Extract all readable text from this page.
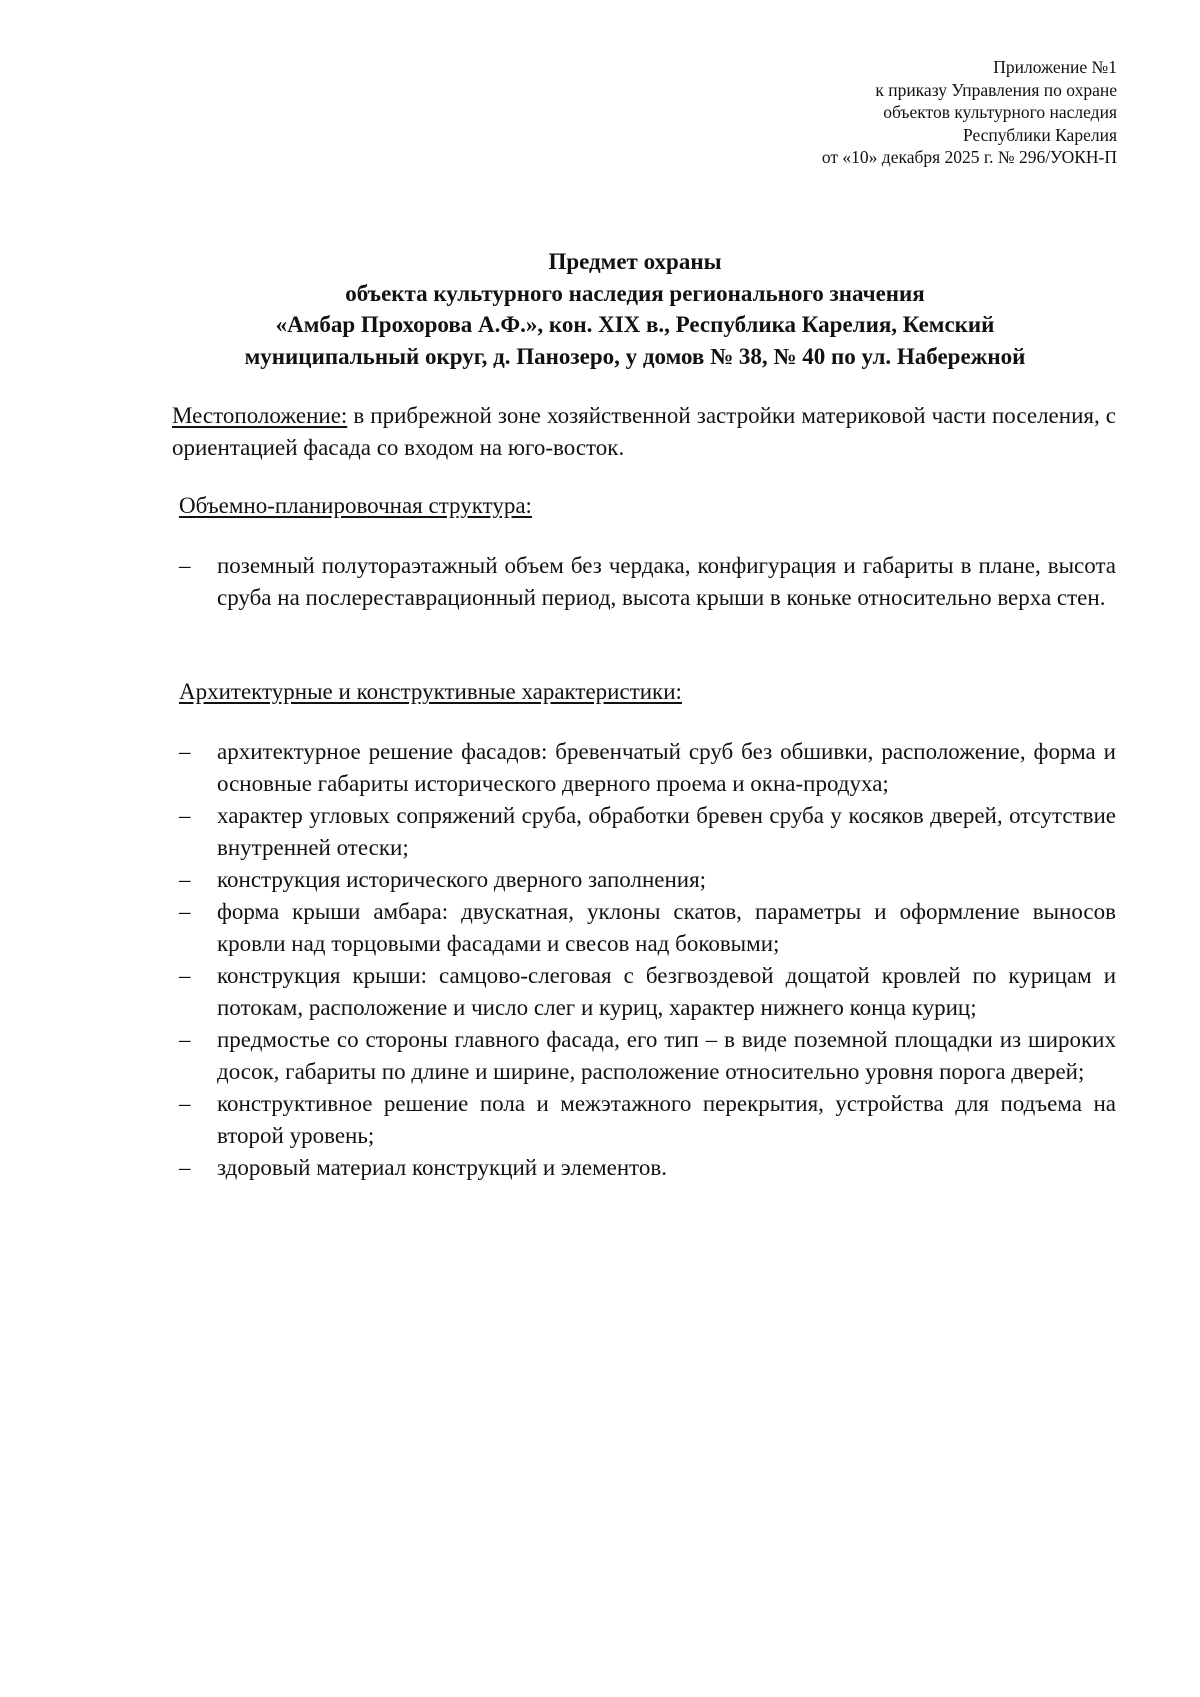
Приложение №1
к приказу Управления по охране
объектов культурного наследия
Республики Карелия
от «10» декабря 2025 г. № 296/УОКН-П
Предмет охраны
объекта культурного наследия регионального значения
«Амбар Прохорова А.Ф.», кон. XIX в., Республика Карелия, Кемский
муниципальный округ, д. Панозеро, у домов № 38, № 40 по ул. Набережной
Местоположение: в прибрежной зоне хозяйственной застройки материковой части поселения, с ориентацией фасада со входом на юго-восток.
Объемно-планировочная структура:
– поземный полутораэтажный объем без чердака, конфигурация и габариты в плане, высота сруба на послереставрационный период, высота крыши в коньке относительно верха стен.
Архитектурные и конструктивные характеристики:
– архитектурное решение фасадов: бревенчатый сруб без обшивки, расположение, форма и основные габариты исторического дверного проема и окна-продуха;
– характер угловых сопряжений сруба, обработки бревен сруба у косяков дверей, отсутствие внутренней отески;
– конструкция исторического дверного заполнения;
– форма крыши амбара: двускатная, уклоны скатов, параметры и оформление выносов кровли над торцовыми фасадами и свесов над боковыми;
– конструкция крыши: самцово-слеговая с безгвоздевой дощатой кровлей по курицам и потокам, расположение и число слег и куриц, характер нижнего конца куриц;
– предмостье со стороны главного фасада, его тип – в виде поземной площадки из широких досок, габариты по длине и ширине, расположение относительно уровня порога дверей;
– конструктивное решение пола и межэтажного перекрытия, устройства для подъема на второй уровень;
– здоровый материал конструкций и элементов.
